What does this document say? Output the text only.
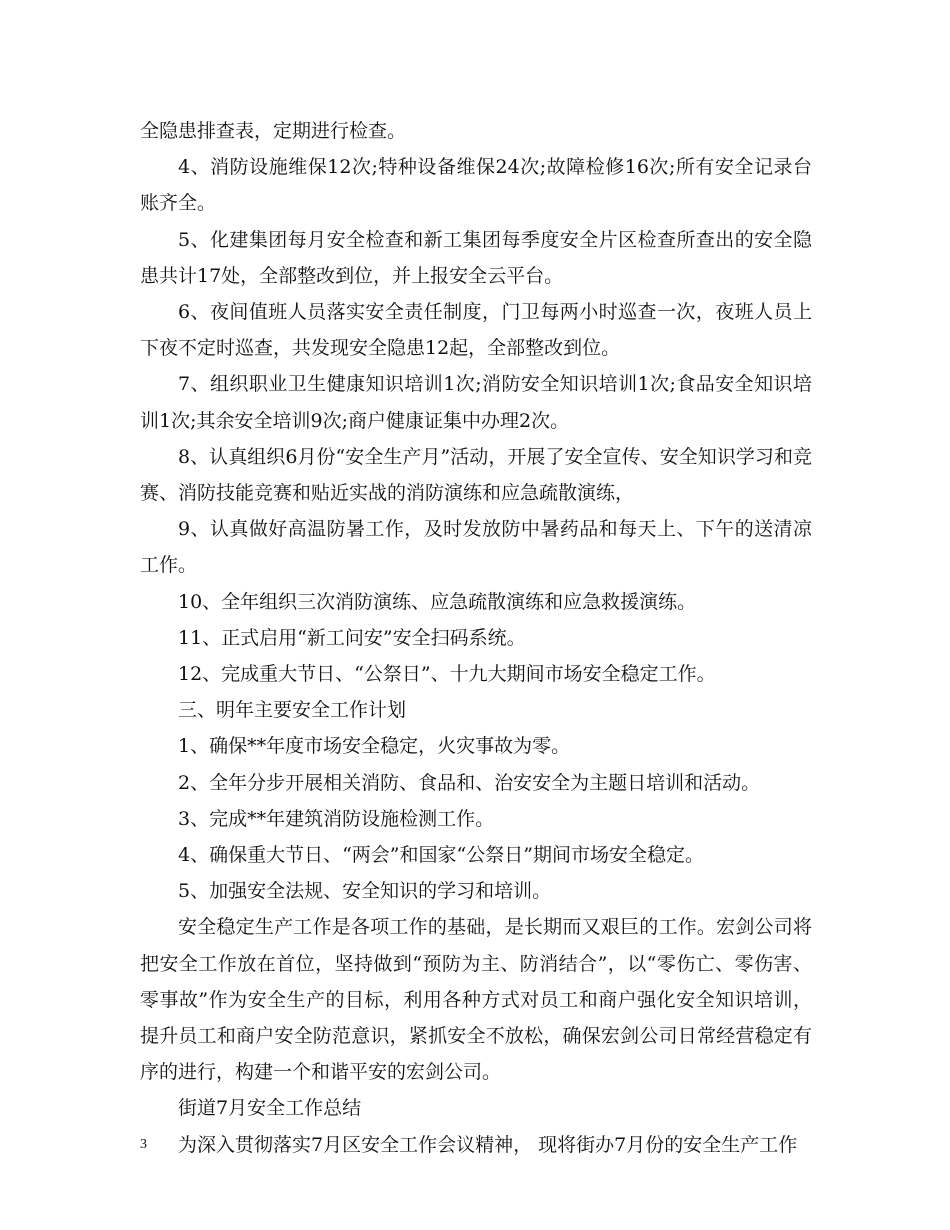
全隐患排查表，定期进行检查。

4、消防设施维保12次;特种设备维保24次;故障检修16次;所有安全记录台账齐全。

5、化建集团每月安全检查和新工集团每季度安全片区检查所查出的安全隐患共计17处，全部整改到位，并上报安全云平台。

6、夜间值班人员落实安全责任制度，门卫每两小时巡查一次，夜班人员上下夜不定时巡查，共发现安全隐患12起，全部整改到位。

7、组织职业卫生健康知识培训1次;消防安全知识培训1次;食品安全知识培训1次;其余安全培训9次;商户健康证集中办理2次。

8、认真组织6月份“安全生产月”活动，开展了安全宣传、安全知识学习和竞赛、消防技能竞赛和贴近实战的消防演练和应急疏散演练，

9、认真做好高温防暑工作，及时发放防中暑药品和每天上、下午的送清凉工作。

10、全年组织三次消防演练、应急疏散演练和应急救援演练。

11、正式启用“新工问安”安全扫码系统。

12、完成重大节日、“公祭日”、十九大期间市场安全稳定工作。

三、明年主要安全工作计划

1、确保**年度市场安全稳定，火灾事故为零。

2、全年分步开展相关消防、食品和、治安安全为主题日培训和活动。

3、完成**年建筑消防设施检测工作。

4、确保重大节日、“两会”和国家“公祭日”期间市场安全稳定。

5、加强安全法规、安全知识的学习和培训。

安全稳定生产工作是各项工作的基础，是长期而又艰巨的工作。宏剑公司将把安全工作放在首位，坚持做到“预防为主、防消结合”，以“零伤亡、零伤害、零事故”作为安全生产的目标，利用各种方式对员工和商户强化安全知识培训，提升员工和商户安全防范意识，紧抓安全不放松，确保宏剑公司日常经营稳定有序的进行，构建一个和谐平安的宏剑公司。

街道7月安全工作总结

为深入贯彻落实7月区安全工作会议精神， 现将街办7月份的安全生产工作

3
